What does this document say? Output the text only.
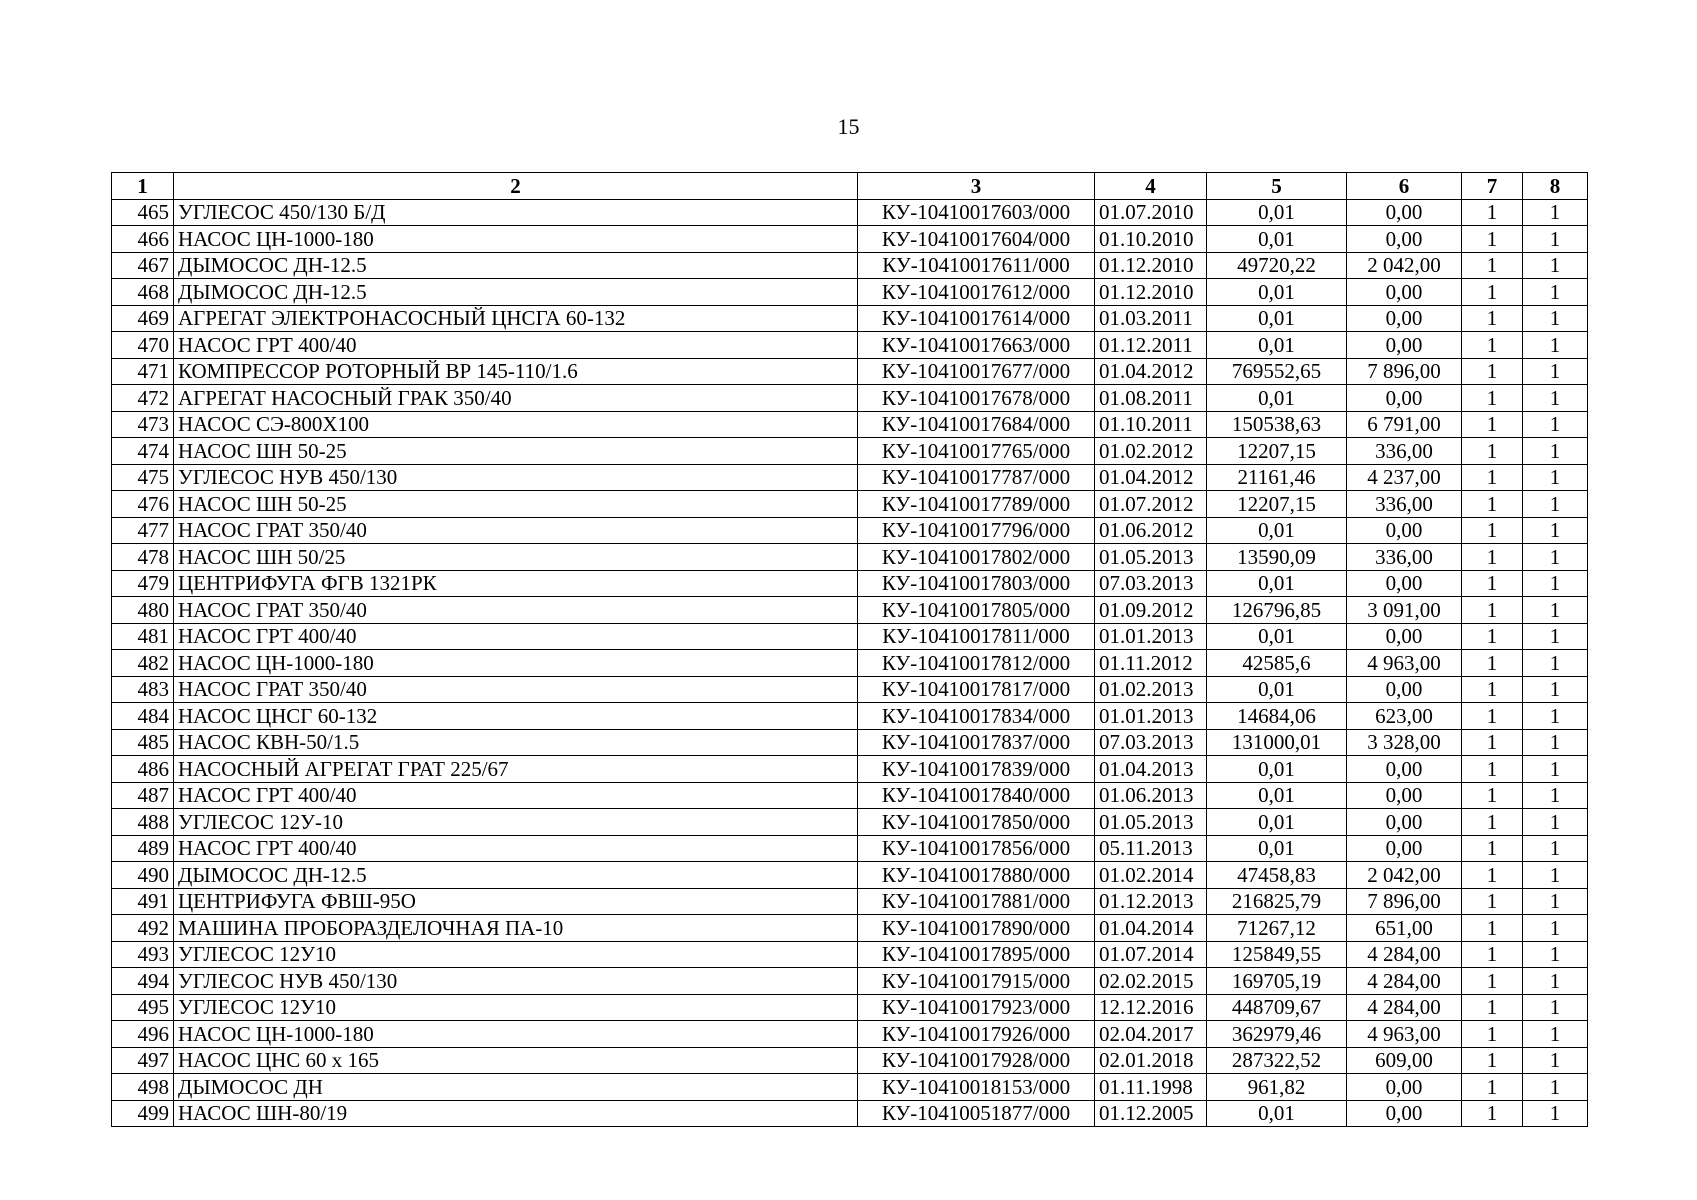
15
1	2	3	4	5	6	7	8
465	УГЛЕСОС 450/130 Б/Д	КУ-10410017603/000	01.07.2010	0,01	0,00	1	1
466	НАСОС ЦН-1000-180	КУ-10410017604/000	01.10.2010	0,01	0,00	1	1
467	ДЫМОСОС ДН-12.5	КУ-10410017611/000	01.12.2010	49720,22	2 042,00	1	1
468	ДЫМОСОС ДН-12.5	КУ-10410017612/000	01.12.2010	0,01	0,00	1	1
469	АГРЕГАТ ЭЛЕКТРОНАСОСНЫЙ ЦНСГА 60-132	КУ-10410017614/000	01.03.2011	0,01	0,00	1	1
470	НАСОС ГРТ 400/40	КУ-10410017663/000	01.12.2011	0,01	0,00	1	1
471	КОМПРЕССОР РОТОРНЫЙ ВР 145-110/1.6	КУ-10410017677/000	01.04.2012	769552,65	7 896,00	1	1
472	АГРЕГАТ НАСОСНЫЙ ГРАК 350/40	КУ-10410017678/000	01.08.2011	0,01	0,00	1	1
473	НАСОС СЭ-800Х100	КУ-10410017684/000	01.10.2011	150538,63	6 791,00	1	1
474	НАСОС ШН 50-25	КУ-10410017765/000	01.02.2012	12207,15	336,00	1	1
475	УГЛЕСОС НУВ 450/130	КУ-10410017787/000	01.04.2012	21161,46	4 237,00	1	1
476	НАСОС ШН 50-25	КУ-10410017789/000	01.07.2012	12207,15	336,00	1	1
477	НАСОС ГРАТ 350/40	КУ-10410017796/000	01.06.2012	0,01	0,00	1	1
478	НАСОС ШН 50/25	КУ-10410017802/000	01.05.2013	13590,09	336,00	1	1
479	ЦЕНТРИФУГА ФГВ 1321РК	КУ-10410017803/000	07.03.2013	0,01	0,00	1	1
480	НАСОС ГРАТ 350/40	КУ-10410017805/000	01.09.2012	126796,85	3 091,00	1	1
481	НАСОС ГРТ 400/40	КУ-10410017811/000	01.01.2013	0,01	0,00	1	1
482	НАСОС ЦН-1000-180	КУ-10410017812/000	01.11.2012	42585,6	4 963,00	1	1
483	НАСОС ГРАТ 350/40	КУ-10410017817/000	01.02.2013	0,01	0,00	1	1
484	НАСОС ЦНСГ 60-132	КУ-10410017834/000	01.01.2013	14684,06	623,00	1	1
485	НАСОС КВН-50/1.5	КУ-10410017837/000	07.03.2013	131000,01	3 328,00	1	1
486	НАСОСНЫЙ АГРЕГАТ ГРАТ 225/67	КУ-10410017839/000	01.04.2013	0,01	0,00	1	1
487	НАСОС ГРТ 400/40	КУ-10410017840/000	01.06.2013	0,01	0,00	1	1
488	УГЛЕСОС 12У-10	КУ-10410017850/000	01.05.2013	0,01	0,00	1	1
489	НАСОС ГРТ 400/40	КУ-10410017856/000	05.11.2013	0,01	0,00	1	1
490	ДЫМОСОС ДН-12.5	КУ-10410017880/000	01.02.2014	47458,83	2 042,00	1	1
491	ЦЕНТРИФУГА ФВШ-95О	КУ-10410017881/000	01.12.2013	216825,79	7 896,00	1	1
492	МАШИНА ПРОБОРАЗДЕЛОЧНАЯ ПА-10	КУ-10410017890/000	01.04.2014	71267,12	651,00	1	1
493	УГЛЕСОС 12У10	КУ-10410017895/000	01.07.2014	125849,55	4 284,00	1	1
494	УГЛЕСОС НУВ 450/130	КУ-10410017915/000	02.02.2015	169705,19	4 284,00	1	1
495	УГЛЕСОС 12У10	КУ-10410017923/000	12.12.2016	448709,67	4 284,00	1	1
496	НАСОС ЦН-1000-180	КУ-10410017926/000	02.04.2017	362979,46	4 963,00	1	1
497	НАСОС ЦНС 60 х 165	КУ-10410017928/000	02.01.2018	287322,52	609,00	1	1
498	ДЫМОСОС ДН	КУ-10410018153/000	01.11.1998	961,82	0,00	1	1
499	НАСОС ШН-80/19	КУ-10410051877/000	01.12.2005	0,01	0,00	1	1
